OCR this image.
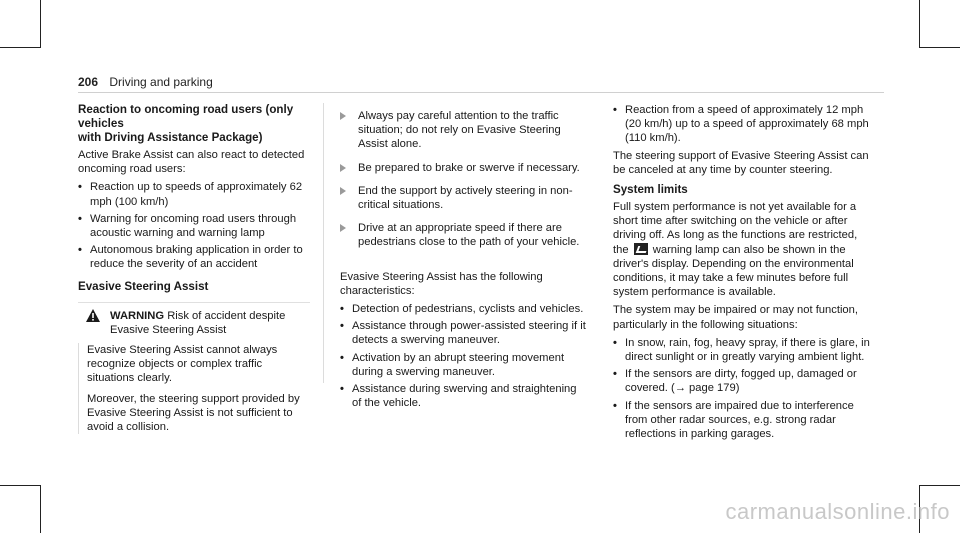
206 Driving and parking
Reaction to oncoming road users (only vehicles
with Driving Assistance Package)

Active Brake Assist can also react to detected oncoming road users:

• Reaction up to speeds of approximately 62 mph (100 km/h)
• Warning for oncoming road users through acoustic warning and warning lamp
• Autonomous braking application in order to reduce the severity of an accident
Evasive Steering Assist
WARNING Risk of accident despite Evasive Steering Assist

Evasive Steering Assist cannot always recognize objects or complex traffic situations clearly.

Moreover, the steering support provided by Evasive Steering Assist is not sufficient to avoid a collision.

Always pay careful attention to the traffic situation; do not rely on Evasive Steering Assist alone.
Be prepared to brake or swerve if necessary.
End the support by actively steering in non-critical situations.
Drive at an appropriate speed if there are pedestrians close to the path of your vehicle.

Evasive Steering Assist has the following characteristics:

• Detection of pedestrians, cyclists and vehicles.
• Assistance through power-assisted steering if it detects a swerving maneuver.
• Activation by an abrupt steering movement during a swerving maneuver.
• Assistance during swerving and straightening of the vehicle.
• Reaction from a speed of approximately 12 mph (20 km/h) up to a speed of approximately 68 mph (110 km/h).

The steering support of Evasive Steering Assist can be canceled at any time by counter steering.

System limits

Full system performance is not yet available for a short time after switching on the vehicle or after driving off. As long as the functions are restricted, the warning lamp can also be shown in the driver's display. Depending on the environmental conditions, it may take a few minutes before full system performance is available.

The system may be impaired or may not function, particularly in the following situations:

• In snow, rain, fog, heavy spray, if there is glare, in direct sunlight or in greatly varying ambient light.
• If the sensors are dirty, fogged up, damaged or covered. (→ page 179)
• If the sensors are impaired due to interference from other radar sources, e.g. strong radar reflections in parking garages.
carmanualsonline.info
